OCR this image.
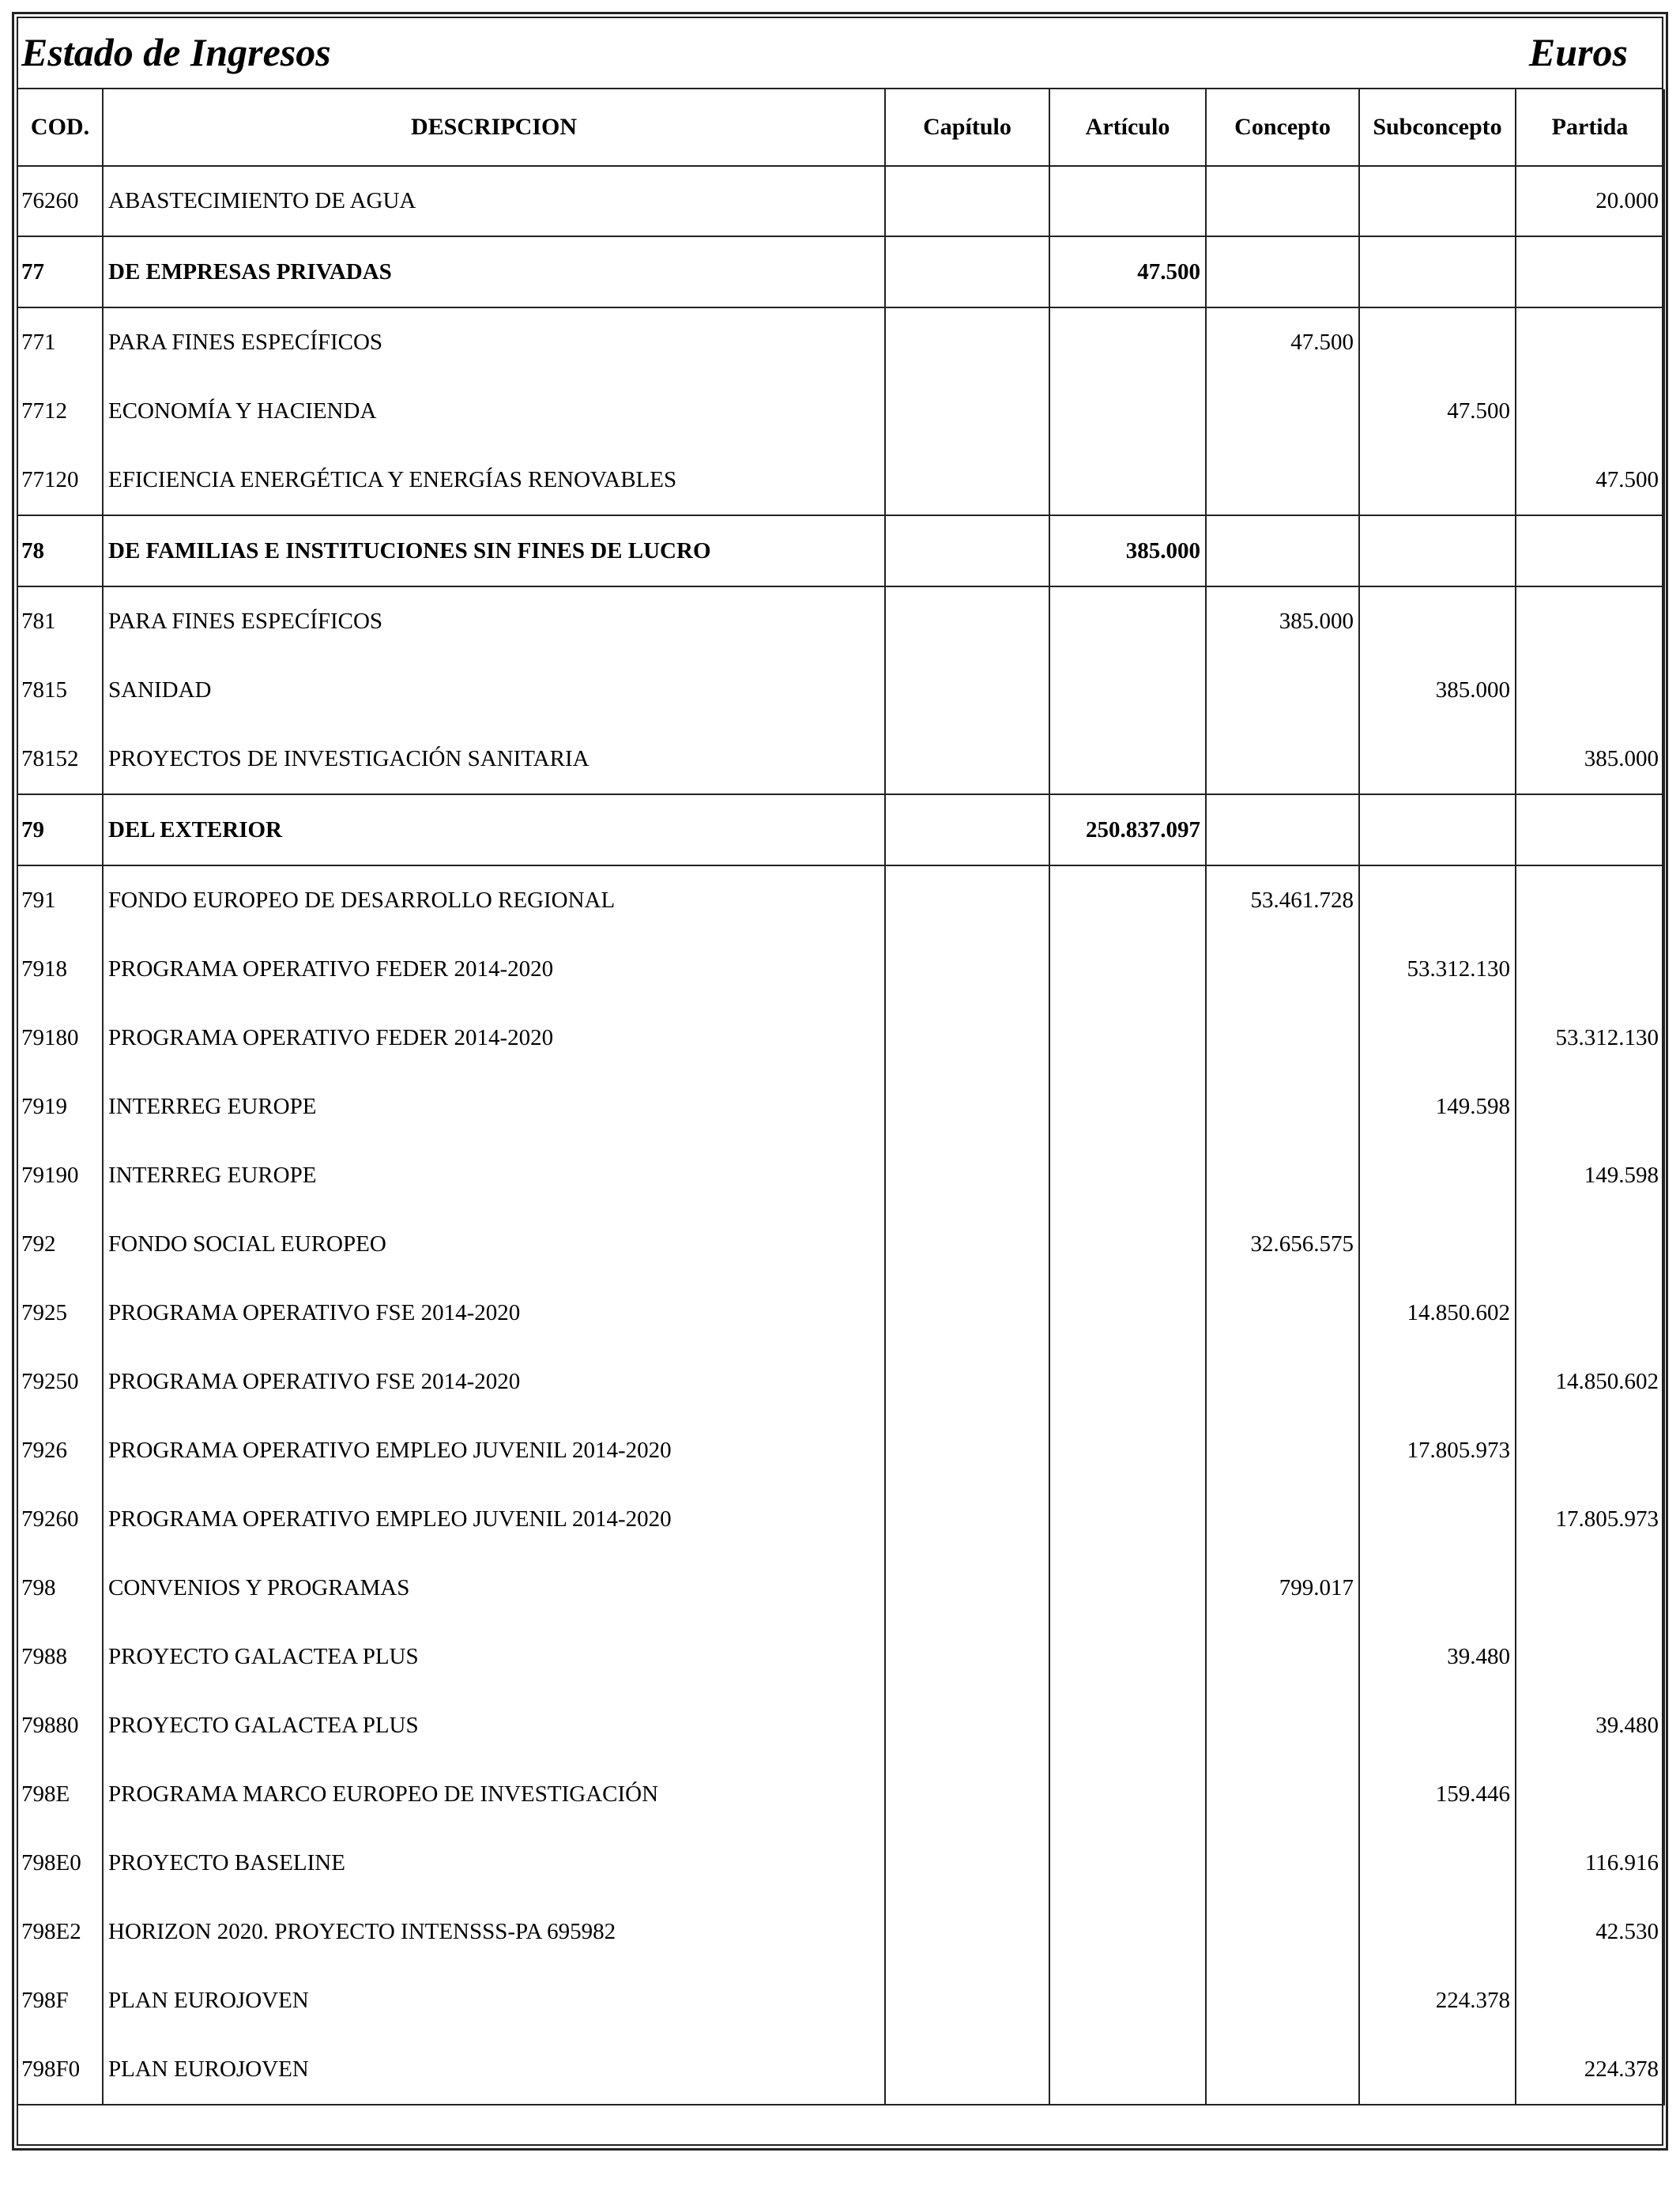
Estado de Ingresos	Euros
COD.	DESCRIPCION	Capítulo	Artículo	Concepto	Subconcepto	Partida
76260	ABASTECIMIENTO DE AGUA					20.000
77	DE EMPRESAS PRIVADAS		47.500			
771	PARA FINES ESPECÍFICOS			47.500		
7712	ECONOMÍA Y HACIENDA				47.500	
77120	EFICIENCIA ENERGÉTICA Y ENERGÍAS RENOVABLES					47.500
78	DE FAMILIAS E INSTITUCIONES SIN FINES DE LUCRO		385.000			
781	PARA FINES ESPECÍFICOS			385.000		
7815	SANIDAD				385.000	
78152	PROYECTOS DE INVESTIGACIÓN SANITARIA					385.000
79	DEL EXTERIOR		250.837.097			
791	FONDO EUROPEO DE DESARROLLO REGIONAL			53.461.728		
7918	PROGRAMA OPERATIVO FEDER 2014-2020				53.312.130	
79180	PROGRAMA OPERATIVO FEDER 2014-2020					53.312.130
7919	INTERREG EUROPE				149.598	
79190	INTERREG EUROPE					149.598
792	FONDO SOCIAL EUROPEO			32.656.575		
7925	PROGRAMA OPERATIVO FSE 2014-2020				14.850.602	
79250	PROGRAMA OPERATIVO FSE 2014-2020					14.850.602
7926	PROGRAMA OPERATIVO EMPLEO JUVENIL 2014-2020				17.805.973	
79260	PROGRAMA OPERATIVO EMPLEO JUVENIL 2014-2020					17.805.973
798	CONVENIOS Y PROGRAMAS			799.017		
7988	PROYECTO GALACTEA PLUS				39.480	
79880	PROYECTO GALACTEA PLUS					39.480
798E	PROGRAMA MARCO EUROPEO DE INVESTIGACIÓN				159.446	
798E0	PROYECTO BASELINE					116.916
798E2	HORIZON 2020. PROYECTO INTENSSS-PA 695982					42.530
798F	PLAN EUROJOVEN				224.378	
798F0	PLAN EUROJOVEN					224.378
